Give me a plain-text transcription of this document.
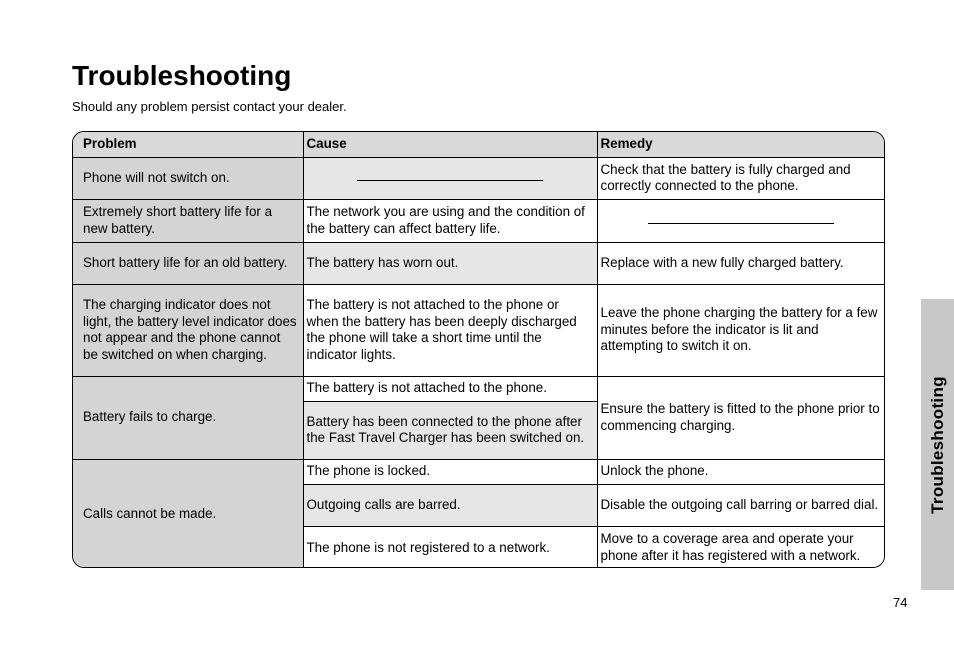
Troubleshooting

Should any problem persist contact your dealer.

Problem	Cause	Remedy
Phone will not switch on.		Check that the battery is fully charged and correctly connected to the phone.
Extremely short battery life for a new battery.	The network you are using and the condition of the battery can affect battery life.	

Short battery life for an old battery.	The battery has worn out.	Replace with a new fully charged battery.
The charging indicator does not light, the battery level indicator does not appear and the phone cannot be switched on when charging.	The battery is not attached to the phone or when the battery has been deeply discharged the phone will take a short time until the indicator lights.	Leave the phone charging the battery for a few minutes before the indicator is lit and attempting to switch it on.
Battery fails to charge.	The battery is not attached to the phone.	Ensure the battery is fitted to the phone prior to commencing charging.
	Battery has been connected to the phone after the Fast Travel Charger has been switched on.	
Calls cannot be made.	The phone is locked.	Unlock the phone.
	Outgoing calls are barred.	Disable the outgoing call barring or barred dial.
	The phone is not registered to a network.	Move to a coverage area and operate your phone after it has registered with a network.
Troubleshooting
74
